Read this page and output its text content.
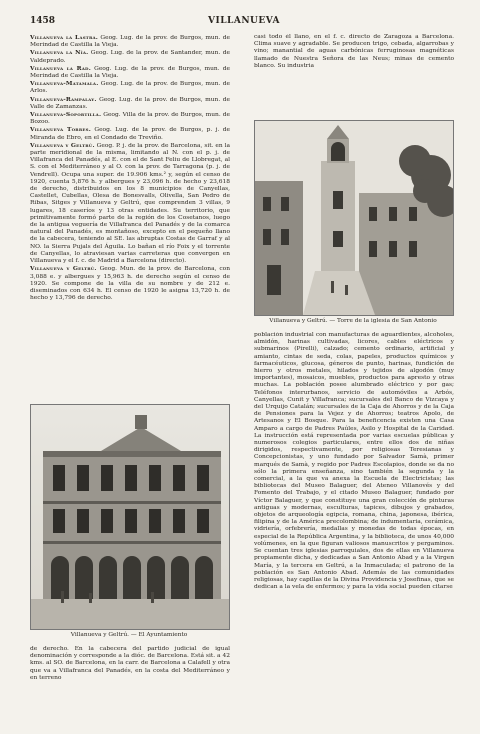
1458	VILLANUEVA

Villanueva la Lastra. Geog. Lug. de la prov. de Burgos, mun. de Merindad de Castilla la Vieja.

Villanueva la Nía. Geog. Lug. de la prov. de Santander, mun. de Valdeprado.

Villanueva la Rad. Geog. Lug. de la prov. de Burgos, mun. de Merindad de Castilla la Vieja.

Villanueva-Matamala. Geog. Lug. de la prov. de Burgos, mun. de Arlos.

Villanueva-Rampalay. Geog. Lug. de la prov. de Burgos, mun. de Valle de Zamanzas.

Villanueva-Soportilla. Geog. Villa de la prov. de Burgos, mun. de Bozoo.

Villanueva Torres. Geog. Lug. de la prov. de Burgos, p. j. de Miranda de Ebro, en el Condado de Treviño.

Villanueva y Geltrú. Geog. P. j. de la prov. de Barcelona, sit. en la parte meridional de la misma, limitando al N. con el p. j. de Villafranca del Panadés, al E. con el de Sant Feliu de Llobregat, al S. con el Mediterráneo y al O. con la prov. de Tarragona (p. j. de Vendrell). Ocupa una super. de 19.906 kms.² y, según el censo de 1920, cuenta 5,876 h. y albergues y 23,096 h. de hecho y 23,618 de derecho, distribuidos en los 8 municipios de Canyellas, Castellet, Cubellas, Olesa de Bonesvalls, Olivella, San Pedro de Ribas, Sitges y Villanueva y Geltrú, que comprenden 3 villas, 9 lugares, 18 caseríos y 13 otras entidades. Su territorio, que primitivamente formó parte de la región de los Cosetanos, luego de la antigua veguería de Villafranca del Panadés y de la comarca natural del Panadés, es montañoso, excepto en el pequeño llano de la cabecera, teniendo al SE. las abruptas Costas de Garraf y al NO. la Sierra Pujals del Águila. Lo bañan el río Foix y el torrente de Canyellas, lo atraviesan varias carreteras que convergen en Villanueva y el f. c. de Madrid a Barcelona (directo).

Villanueva y Geltrú. Geog. Mun. de la prov. de Barcelona, con 3,088 e. y albergues y 15,963 h. de derecho según el censo de 1920. Se compone de la villa de su nombre y de 212 e. diseminados con 634 h. El censo de 1920 le asigna 13,720 h. de hecho y 13,796 de derecho.

Villanueva y Geltrú. — El Ayuntamiento

de derecho. En la cabecera del partido judicial de igual denominación y corresponde a la dióc. de Barcelona. Está sit. a 42 kms. al SO. de Barcelona, en la carr. de Barcelona a Calafell y otra que va a Villafranca del Panadés, en la costa del Mediterráneo y en terreno

casi todo él llano, en el f. c. directo de Zaragoza a Barcelona. Clima suave y agradable. Se producen trigo, cebada, algarrobas y vino; manantial de aguas carbónicas ferruginosas magnéticas llamado de Nuestra Señora de las Neus; minas de cemento blanco. Su industria

Villanueva y Geltrú. — Torre de la iglesia de San Antonio

población industrial con manufacturas de aguardientes, alcoholes, almidón, harinas cultivadas, licores, cables eléctricos y submarinos (Pirelli), calzado; cemento ordinario, artificial y amianto, cintas de seda, colas, papeles, productos químicos y farmacéuticos, glucosa, géneros de punto, harinas, fundición de hierro y otros metales, hilados y tejidos de algodón (muy importantes), mosaicos, muebles, productos para apresto y otras muchas. La población posee alumbrado eléctrico y por gas; Teléfonos interurbanos, servicio de automóviles a Arbós, Canyellas, Cunit y Villafranca; sucursales del Banco de Vizcaya y del Urquijo Catalán; sucursales de la Caja de Ahorros y de la Caja de Pensiones para la Vejez y de Ahorros; teatros Apolo, de Artesanos y El Bosque. Para la beneficencia existen una Casa Amparo a cargo de Padres Paúles, Asilo y Hospital de la Caridad. La instrucción está representada por varias escuelas públicas y numerosos colegios particulares, entre ellos dos de niñas dirigidos, respectivamente, por religiosas Teresianas y Concepcionistas, y uno fundado por Salvador Samà, primer marqués de Samà, y regido por Padres Escolapios, donde se da no sólo la primera enseñanza, sino también la segunda y la comercial, a la que va anexa la Escuela de Electricistas; las bibliotecas del Museo Balaguer, del Ateneo Villanovés y del Fomento del Trabajo, y el citado Museo Balaguer, fundado por Víctor Balaguer, y que constituye una gran colección de pinturas antiguas y modernas, esculturas, tapices, dibujos y grabados, objetos de arqueología egipcia, romana, china, japonesa, ibérica, filipina y de la América precolombina; de indumentaria, cerámica, vidriería, orfebrería, medallas y monedas de todas épocas, en especial de la República Argentina, y la biblioteca, de unos 40,000 volúmenes, en la que figuran valiosos manuscritos y pergaminos. Se cuentan tres iglesias parroquiales, dos de ellas en Villanueva propiamente dicha, y dedicadas a San Antonio Abad y a la Virgen María, y la tercera en Geltrú, a la Inmaculada; el patrono de la población es San Antonio Abad. Además de las comunidades religiosas, hay capillas de la Divina Providencia y Josefinas, que se dedican a la vela de enfermos; y para la vida social pueden citarse
